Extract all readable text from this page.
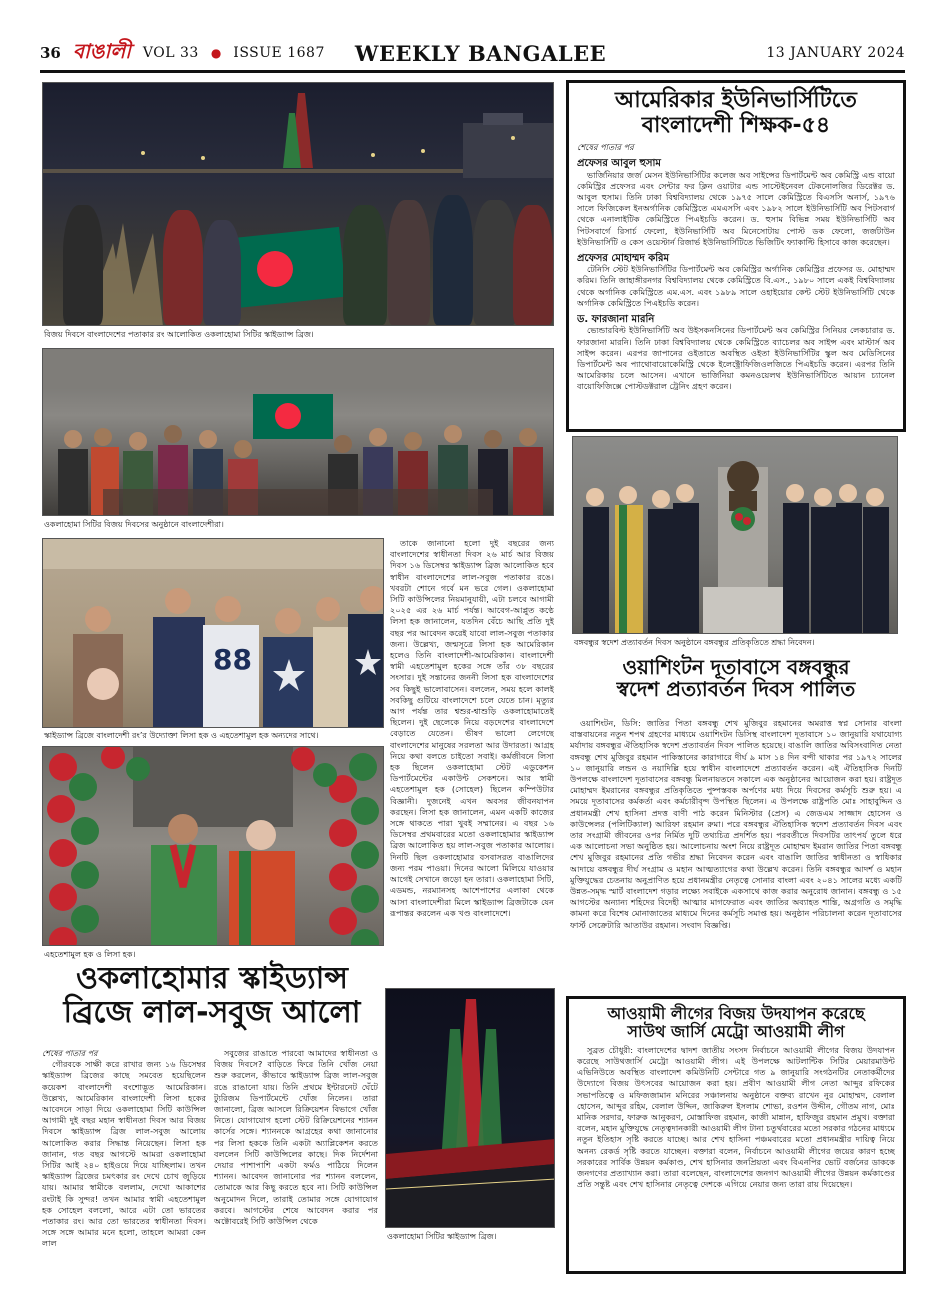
36 বাঙালী VOL 33 ● ISSUE 1687 WEEKLY BANGALEE	13 JANUARY 2024
বিজয় দিবসে বাংলাদেশের পতাকার রং আলোকিত ওকলাহোমা সিটির স্কাইড্যান্স ব্রিজ।
ওকলাহোমা সিটির বিজয় দিবসের অনুষ্ঠানে বাংলাদেশীরা।
88
স্কাইড্যান্স ব্রিজে বাংলাদেশী রং’র উদ্যোক্তা লিসা হক ও এহতেশামুল হক অন্যদের সাথে।
এহতেশামুল হক ও লিসা হক।

তাকে জানানো হলো দুই বছরের জন্য বাংলাদেশের স্বাধীনতা দিবস ২৬ মার্চ আর বিজয় দিবস ১৬ ডিসেম্বর স্কাইড্যান্স ব্রিজ আলোকিত হবে স্বাধীন বাংলাদেশের লাল-সবুজ পতাকার রঙে। খবরটা শোনে গর্বে মন ভরে গেল। ওকলাহোমা সিটি কাউন্সিলের নিয়মানুযায়ী, এটা চলবে আগামী ২০২৫ এর ২৬ মার্চ পর্যন্ত। আবেগ-আপ্লুত কণ্ঠে লিসা হক জানালেন, যতদিন বেঁচে আছি প্রতি দুই বছর পর আবেদন করেই যাবো লাল-সবুজ পতাকার জন্য। উল্লেখ্য, জন্মসূত্রে লিসা হক আমেরিকান হলেও তিনি বাংলাদেশী-আমেরিকান। বাংলাদেশী স্বামী এহতেশামুল হকের সঙ্গে তাঁর ৩৮ বছরের সংসার। দুই সন্তানের জননী লিসা হক বাংলাদেশের সব কিছুই ভালোবাসেন। বললেন, সময় হলে কালই সবকিছু গুটিয়ে বাংলাদেশে চলে যেতে চান। মৃত্যুর আগ পর্যন্ত তার শ্বশুর-শ্বাশুড়ি ওকলাহোমাতেই ছিলেন। দুই ছেলেকে নিয়ে বড়দেশের বাংলাদেশে বেড়াতে যেতেন। ভীষণ ভালো লেগেছে বাংলাদেশের মানুষের সরলতা আর উদারতা। আগ্রহ নিয়ে কথা বলতে চাইতো সবাই। কর্মজীবনে লিসা হক ছিলেন ওকলাহোমা স্টেট এডুকেশন ডিপার্টমেন্টের একাউন্ট সেকশনে। আর স্বামী এহতেশামুল হক (সোহেল) ছিলেন কম্পিউটার বিজ্ঞানী। দুজনেই এখন অবসর জীবনযাপন করছেন। লিসা হক জানালেন, এমন একটি কাজের সঙ্গে থাকতে পারা খুবই সম্মানের। এ বছর ১৬ ডিসেম্বর প্রথমবারের মতো ওকলাহোমার স্কাইড্যান্স ব্রিজ আলোকিত হয় লাল-সবুজ পতাকার আলোয়। দিনটি ছিল ওকলাহোমার বসবাসরত বাঙালিদের জন্য পরম পাওয়া। দিনের আলো মিলিয়ে যাওয়ার আগেই সেখানে জড়ো হন তারা। ওকলাহোমা সিটি, এডমন্ড, নরম্যানসহ আশেপাশের এলাকা থেকে আসা বাংলাদেশীরা মিলে স্কাইড্যান্স ব্রিজটাকে যেন রূপান্তর করলেন এক খণ্ড বাংলাদেশে।

ওকলাহোমার স্কাইড্যান্স
ব্রিজে লাল-সবুজ আলো
শেষের পাতার পর

গৌরবকে সাক্ষী করে রাখার জন্য ১৬ ডিসেম্বর স্কাইড্যান্স ব্রিজের কাছে সমবেত হয়েছিলেন কয়েকশ বাংলাদেশী বংশোদ্ভূত আমেরিকান। উল্লেখ্য, আমেরিকান বাংলাদেশী লিসা হকের আবেদনে সাড়া দিয়ে ওকলাহোমা সিটি কাউন্সিল আগামী দুই বছর মহান স্বাধীনতা দিবস আর বিজয় দিবসে স্কাইড্যান্স ব্রিজ লাল-সবুজ আলোয় আলোকিত করার সিদ্ধান্ত নিয়েছেন। লিসা হক জানান, গত বছর আগস্টে আমরা ওকলাহোমা সিটির আই ২৪০ হাইওয়ে দিয়ে যাচ্ছিলাম। তখন স্কাইড্যান্স ব্রিজের চমৎকার রং দেখে চোখ জুড়িয়ে যায়। আমার স্বামীকে বললাম, দেখো আকাশের রংটাই কি সুন্দর! তখন আমার স্বামী এহতেশামুল হক সোহেল বললো, আরে এটা তো ভারতের পতাকার রং। আর তো ভারতের স্বাধীনতা দিবস। সঙ্গে সঙ্গে আমার মনে হলো, তাহলে আমরা কেন লাল

সবুজের রাঙাতে পারবো আমাদের স্বাধীনতা ও বিজয় দিবসে? বাড়িতে ফিরে তিনি খোঁজ নেয়া শুরু করলেন, কীভাবে স্কাইড্যান্স ব্রিজ লাল-সবুজ রঙে রাঙানো যায়। তিনি প্রথমে ইন্টারনেট ঘেঁটে ট্যুরিজম ডিপার্টমেন্টে খোঁজ নিলেন। তারা জানালো, ব্রিজ আসলে রিক্রিয়েশন বিভাগে খোঁজ নিতে। যোগাযোগ হলো স্টেট রিক্রিয়েশনের শ্যানন কার্সের সঙ্গে। শ্যাননকে আগ্রহের কথা জানানোর পর লিসা হককে তিনি একটা অ্যাপ্লিকেশন করতে বললেন সিটি কাউন্সিলের কাছে। দিক নির্দেশনা দেয়ার পাশাপাশি একটা ফর্মও পাঠিয়ে দিলেন শ্যানন। আবেদন জানানোর পর শ্যানন বললেন, তোমাকে আর কিছু করতে হবে না। সিটি কাউন্সিল অনুমোদন দিলে, তারাই তোমার সঙ্গে যোগাযোগ করবে। আগস্টের শেষে আবেদন করার পর অক্টোবরেই সিটি কাউন্সিল থেকে

ওকলাহোমা সিটির স্কাইড্যান্স ব্রিজ।
আমেরিকার ইউনিভার্সিটিতে
বাংলাদেশী শিক্ষক-৫৪
শেষের পাতার পর
প্রফেসর আবুল হুসাম

ভার্জিনিয়ার জর্জ মেসন ইউনিভার্সিটির কলেজ অব সাইন্সের ডিপার্টমেন্ট অব কেমিস্ট্রি এন্ড বায়ো কেমিস্ট্রির প্রফেসর এবং সেন্টার ফর ক্লিন ওয়াটার এন্ড সাস্টেইনেবল টেকনোলজির ডিরেক্টর ড. আবুল হুসাম। তিনি ঢাকা বিশ্ববিদ্যালয় থেকে ১৯৭৫ সালে কেমিস্ট্রিতে বিএসসি অনার্স, ১৯৭৬ সালে ফিজিকেল ইনঅর্গানিক কেমিস্ট্রিতে এমএসসি এবং ১৯৮২ সালে ইউনিভার্সিটি অব পিটসবার্গ থেকে এনালাইটিক কেমিস্ট্রিতে পিএইচডি করেন। ড. হুসাম বিভিন্ন সময় ইউনিভার্সিটি অব পিটসবার্গে রিসার্চ ফেলো, ইউনিভার্সিটি অব মিনেসোটায় পোস্ট ডক ফেলো, জর্জটাউন ইউনিভার্সিটি ও কেস ওয়েস্টার্ন রিজার্ভ ইউনিভার্সিটিতে ভিজিটিং ফ্যাকাল্টি হিসাবে কাজ করেছেন।

প্রফেসর মোহাম্মদ করিম

টেনিসি স্টেট ইউনিভার্সিটির ডিপার্টমেন্ট অব কেমিস্ট্রির অর্গানিক কেমিস্ট্রির প্রফেসর ড. মোহাম্মদ করিম। তিনি জাহাঙ্গীরনগর বিশ্ববিদ্যালয় থেকে কেমিস্ট্রিতে বি.এস., ১৯৮০ সালে একই বিশ্ববিদ্যালয় থেকে অর্গানিক কেমিস্ট্রিতে এম.এস. এবং ১৯৮৯ সালে ওহাইয়োর কেন্ট স্টেট ইউনিভার্সিটি থেকে অর্গানিক কেমিস্ট্রিতে পিএইচডি করেন।

ড. ফারজানা মারনি

ভ্যেন্ডারবিল্ট ইউনিভার্সিটি অব উইসকনসিনের ডিপার্টমেন্ট অব কেমিস্ট্রির সিনিয়র লেকচারার ড. ফারজানা মারনি। তিনি ঢাকা বিশ্ববিদ্যালয় থেকে কেমিস্ট্রিতে ব্যাচেলর অব সাইন্স এবং মাস্টার্স অব সাইন্স করেন। এরপর জাপানের ওইতাতে অবস্থিত ওইতা ইউনিভার্সিটির স্কুল অব মেডিসিনের ডিপার্টমেন্ট অব প্যাথোবায়োকেমিস্ট্রি থেকে ইলেক্ট্রোফিজিওলজিতে পিএইচডি করেন। এরপর তিনি আমেরিকায় চলে আসেন। এখানে ভার্জিনিয়া কমনওয়েলথ ইউনিভার্সিটিতে আয়ান চ্যানেল বায়োফিজিক্সে পোস্টডক্টরাল ট্রেনিং গ্রহণ করেন।

বঙ্গবন্ধুর স্বদেশ প্রত্যাবর্তন দিবস অনুষ্ঠানে বঙ্গবন্ধুর প্রতিকৃতিতে শ্রদ্ধা নিবেদন।
ওয়াশিংটন দূতাবাসে বঙ্গবন্ধুর
স্বদেশ প্রত্যাবর্তন দিবস পালিত

ওয়াশিংটন, ডিসি: জাতির পিতা বঙ্গবন্ধু শেখ মুজিবুর রহমানের অমরাত্ত স্বপ্ন সোনার বাংলা বাস্তবায়নের নতুন শপথ গ্রহণের মাধ্যমে ওয়াশিংটন ডিসিস্থ বাংলাদেশ দূতাবাসে ১০ জানুয়ারি যথাযোগ্য মর্যাদায় বঙ্গবন্ধুর ঐতিহাসিক স্বদেশ প্রত্যাবর্তন দিবস পালিত হয়েছে। বাঙালি জাতির অবিসংবাদিত নেতা বঙ্গবন্ধু শেখ মুজিবুর রহমান পাকিস্তানের কারাগারে দীর্ঘ ৯ মাস ১৪ দিন বন্দী থাকার পর ১৯৭২ সালের ১০ জানুয়ারি লন্ডন ও নয়াদিল্লি হয়ে স্বাধীন বাংলাদেশে প্রত্যাবর্তন করেন। এই ঐতিহাসিক দিনটি উপলক্ষে বাংলাদেশ দূতাবাসের বঙ্গবন্ধু মিলনায়তনে সকালে এক অনুষ্ঠানের আয়োজন করা হয়। রাষ্ট্রদূত মোহাম্মদ ইমরানের বঙ্গবন্ধুর প্রতিকৃতিতে পুষ্পস্তবক অর্পণের মধ্য দিয়ে দিবসের কর্মসূচি শুরু হয়। এ সময়ে দূতাবাসের কর্মকর্তা এবং কর্মচারীবৃন্দ উপস্থিত ছিলেন। এ উপলক্ষে রাষ্ট্রপতি মোঃ সাহাবুদ্দিন ও প্রধানমন্ত্রী শেখ হাসিনা প্রদত্ত বাণী পাঠ করেন মিনিস্টার (প্রেস) এ জেডএম সাজ্জাদ হোসেন ও কাউন্সেলর (পলিটিক্যাল) আরিফা রহমান রুমা। পরে বঙ্গবন্ধুর ঐতিহাসিক স্বদেশ প্রত্যাবর্তন দিবস এবং তার সংগ্রামী জীবনের ওপর নির্মিত দুটি তথ্যচিত্র প্রদর্শিত হয়। পরবর্তীতে দিবসটির তাৎপর্য তুলে ধরে এক আলোচনা সভা অনুষ্ঠিত হয়। আলোচনায় অংশ নিয়ে রাষ্ট্রদূত মোহাম্মদ ইমরান জাতির পিতা বঙ্গবন্ধু শেখ মুজিবুর রহমানের প্রতি গভীর শ্রদ্ধা নিবেদন করেন এবং বাঙালি জাতির স্বাধীনতা ও স্বাধিকার আদায়ে বঙ্গবন্ধুর দীর্ঘ সংগ্রাম ও মহান আত্মত্যাগের কথা উল্লেখ করেন। তিনি বঙ্গবন্ধুর আদর্শ ও মহান মুক্তিযুদ্ধের চেতনায় অনুপ্রাণিত হয়ে প্রধানমন্ত্রীর নেতৃত্বে সোনার বাংলা এবং ২০৪১ সালের মধ্যে একটি উন্নত-সমৃদ্ধ স্মার্ট বাংলাদেশ গড়ার লক্ষ্যে সবাইকে একসাথে কাজ করার অনুরোধ জানান। বঙ্গবন্ধু ও ১৫ আগস্টের অন্যান্য শহিদের বিদেহী আত্মার মাগফেরাত এবং জাতির অব্যাহত শান্তি, অগ্রগতি ও সমৃদ্ধি কামনা করে বিশেষ মোনাজাতের মাধ্যমে দিনের কর্মসূচি সমাপ্ত হয়। অনুষ্ঠান পরিচালনা করেন দূতাবাসের ফার্স্ট সেক্রেটারি আতাউর রহমান। সংবাদ বিজ্ঞপ্তি।

আওয়ামী লীগের বিজয় উদযাপন করেছে
সাউথ জার্সি মেট্রো আওয়ামী লীগ

সুব্রত চৌধুরী: বাংলাদেশের দ্বাদশ জাতীয় সংসদ নির্বাচনে আওয়ামী লীগের বিজয় উদযাপন করেছে সাউথজার্সি মেট্রো আওয়ামী লীগ। এই উপলক্ষে আটলান্টিক সিটির মেয়ারমাউন্ট এভিনিউতে অবস্থিত বাংলাদেশ কমিউনিটি সেন্টারে গত ৯ জানুয়ারি সংগঠনটির নেতাকর্মীদের উদ্যোগে বিজয় উৎসবের আয়োজন করা হয়। প্রবীণ আওয়ামী লীগ নেতা আব্দুর রফিকের সভাপতিত্বে ও মফিজজামান মনিরের সঞ্চালনায় অনুষ্ঠানে বক্তব্য রাখেন নুর মোহাম্মদ, বেলাল হোসেন, আব্দুর রহিম, বেলাল উদ্দিন, জাকিরুল ইসলাম শোভা, রওশন উদ্দীন, গৌতম নাগ, মোঃ মানিক সরদার, ফারুক আনুকরণ, মোস্তাফিজ রহমান, কাজী মান্নান, হাফিজুর রহমান প্রমুখ। বক্তারা বলেন, মহান মুক্তিযুদ্ধে নেতৃত্বদানকারী আওয়ামী লীগ টানা চতুর্থবারের মতো সরকার গঠনের মাধ্যমে নতুন ইতিহাস সৃষ্টি করতে যাচ্ছে। আর শেখ হাসিনা পঞ্চমবারের মতো প্রধানমন্ত্রীর দায়িত্ব নিয়ে অনন্য রেকর্ড সৃষ্টি করতে যাচ্ছেন। বক্তারা বলেন, নির্বাচনে আওয়ামী লীগের জয়ের কারণ হচ্ছে সরকারের সার্বিক উন্নয়ন কর্মকাণ্ড, শেখ হাসিনার জনপ্রিয়তা এবং বিএনপির ভোট বর্জনের ডাককে জনগণের প্রত্যাখ্যান করা। তারা বলেছেন, বাংলাদেশের জনগণ আওয়ামী লীগের উন্নয়ন কর্মকাণ্ডের প্রতি সন্তুষ্ট এবং শেখ হাসিনার নেতৃত্বে দেশকে এগিয়ে নেয়ার জন্য তারা রায় দিয়েছেন।
